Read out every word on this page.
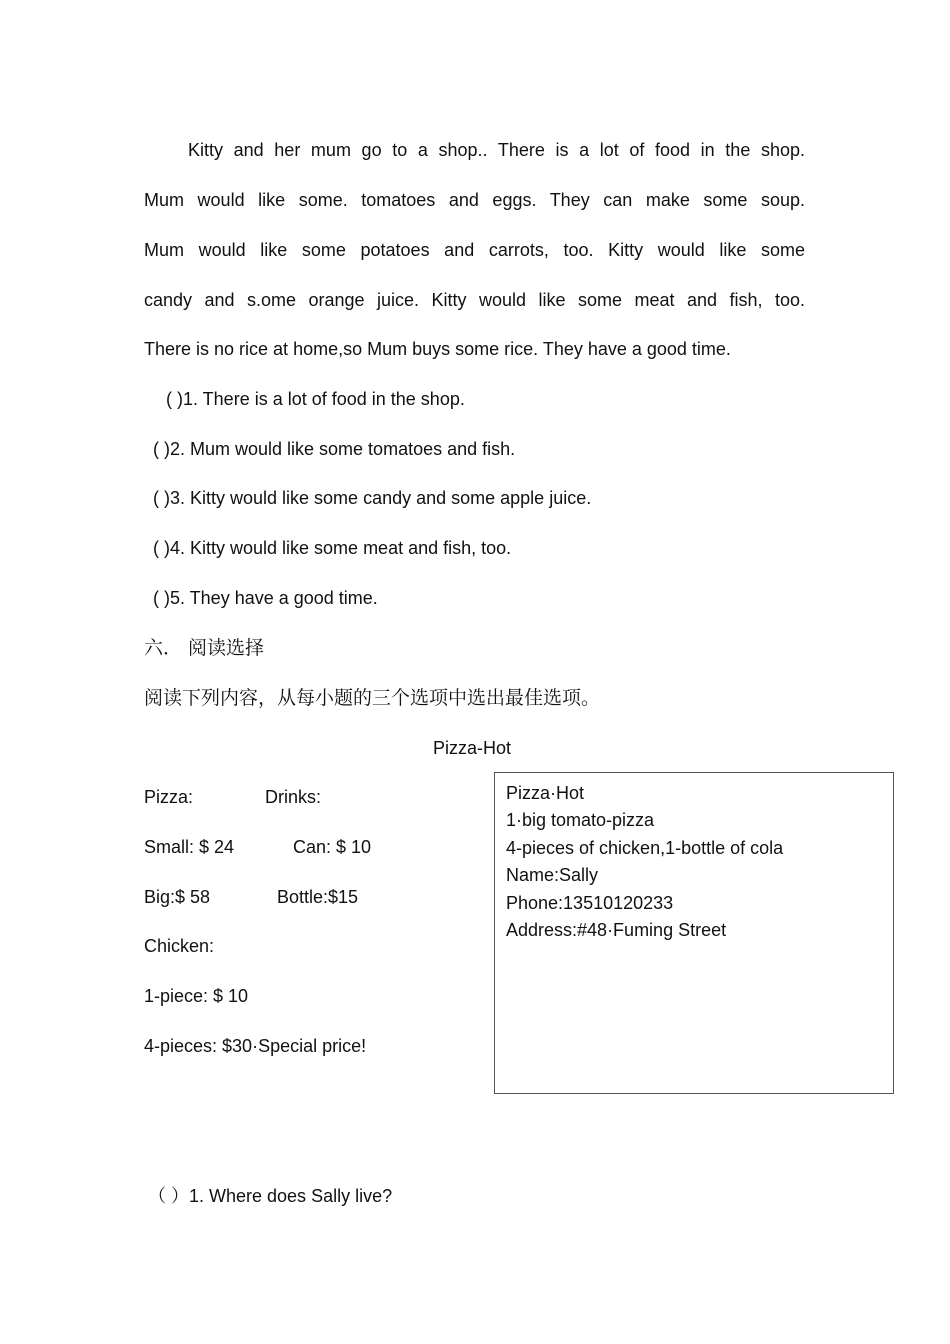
Kitty and her mum go to a shop.. There is a lot of food in the shop.
Mum would like some. tomatoes and eggs. They can make some soup.
Mum would like some potatoes and carrots, too. Kitty would like some
candy and s.ome orange juice. Kitty would like some meat and fish, too.
There is no rice at home,so Mum buys some rice. They have a good time.
( )1. There is a lot of food in the shop.
( )2. Mum would like some tomatoes and fish.
( )3. Kitty would like some candy and some apple juice.
( )4. Kitty would like some meat and fish, too.
( )5. They have a good time.
六． 阅读选择
阅读下列内容，从每小题的三个选项中选出最佳选项。
Pizza-Hot
Pizza:	Drinks:
Small: $ 24	Can: $ 10
Big:$ 58	Bottle:$15
Chicken:
1-piece: $ 10
4-pieces: $30·Special price!
Pizza·Hot
1·big tomato-pizza
4-pieces of chicken,1-bottle of cola
Name:Sally
Phone:13510120233
Address:#48·Fuming Street
（ ）1. Where does Sally live?
